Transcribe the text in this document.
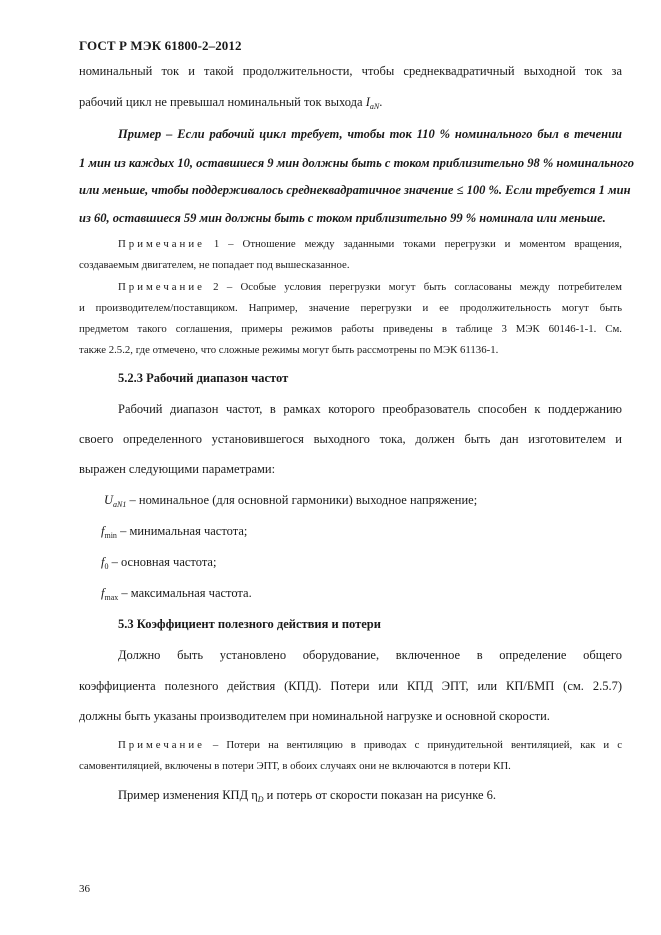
ГОСТ Р МЭК 61800-2–2012
номинальный ток и такой продолжительности, чтобы среднеквадратичный выходной ток за
рабочий цикл не превышал номинальный ток выхода $I_{aN}$.
Пример – Если рабочий цикл требует, чтобы ток 110 % номинального был в течении
1 мин из каждых 10, оставшиеся 9 мин должны быть с током приблизительно 98 % номинального
или меньше, чтобы поддерживалось среднеквадратичное значение ≤ 100 %. Если требуется 1 мин
из 60, оставшиеся 59 мин должны быть с током приблизительно 99 % номинала или меньше.
Примечание 1 – Отношение между заданными токами перегрузки и моментом вращения,
создаваемым двигателем, не попадает под вышесказанное.
Примечание 2 – Особые условия перегрузки могут быть согласованы между потребителем
и производителем/поставщиком. Например, значение перегрузки и ее продолжительность могут быть
предметом такого соглашения, примеры режимов работы приведены в таблице 3 МЭК 60146-1-1. См.
также 2.5.2, где отмечено, что сложные режимы могут быть рассмотрены по МЭК 61136-1.
5.2.3 Рабочий диапазон частот
Рабочий диапазон частот, в рамках которого преобразователь способен к поддержанию
своего определенного установившегося выходного тока, должен быть дан изготовителем и
выражен следующими параметрами:
$U_{aN1}$ – номинальное (для основной гармоники) выходное напряжение;
$f_{min}$ – минимальная частота;
$f_0$ – основная частота;
$f_{max}$ – максимальная частота.
5.3 Коэффициент полезного действия и потери
Должно быть установлено оборудование, включенное в определение общего
коэффициента полезного действия (КПД). Потери или КПД ЭПТ, или КП/БМП (см. 2.5.7)
должны быть указаны производителем при номинальной нагрузке и основной скорости.
Примечание – Потери на вентиляцию в приводах с принудительной вентиляцией, как и с
самовентиляцией, включены в потери ЭПТ, в обоих случаях они не включаются в потери КП.
Пример изменения КПД $\eta_D$ и потерь от скорости показан на рисунке 6.
36
